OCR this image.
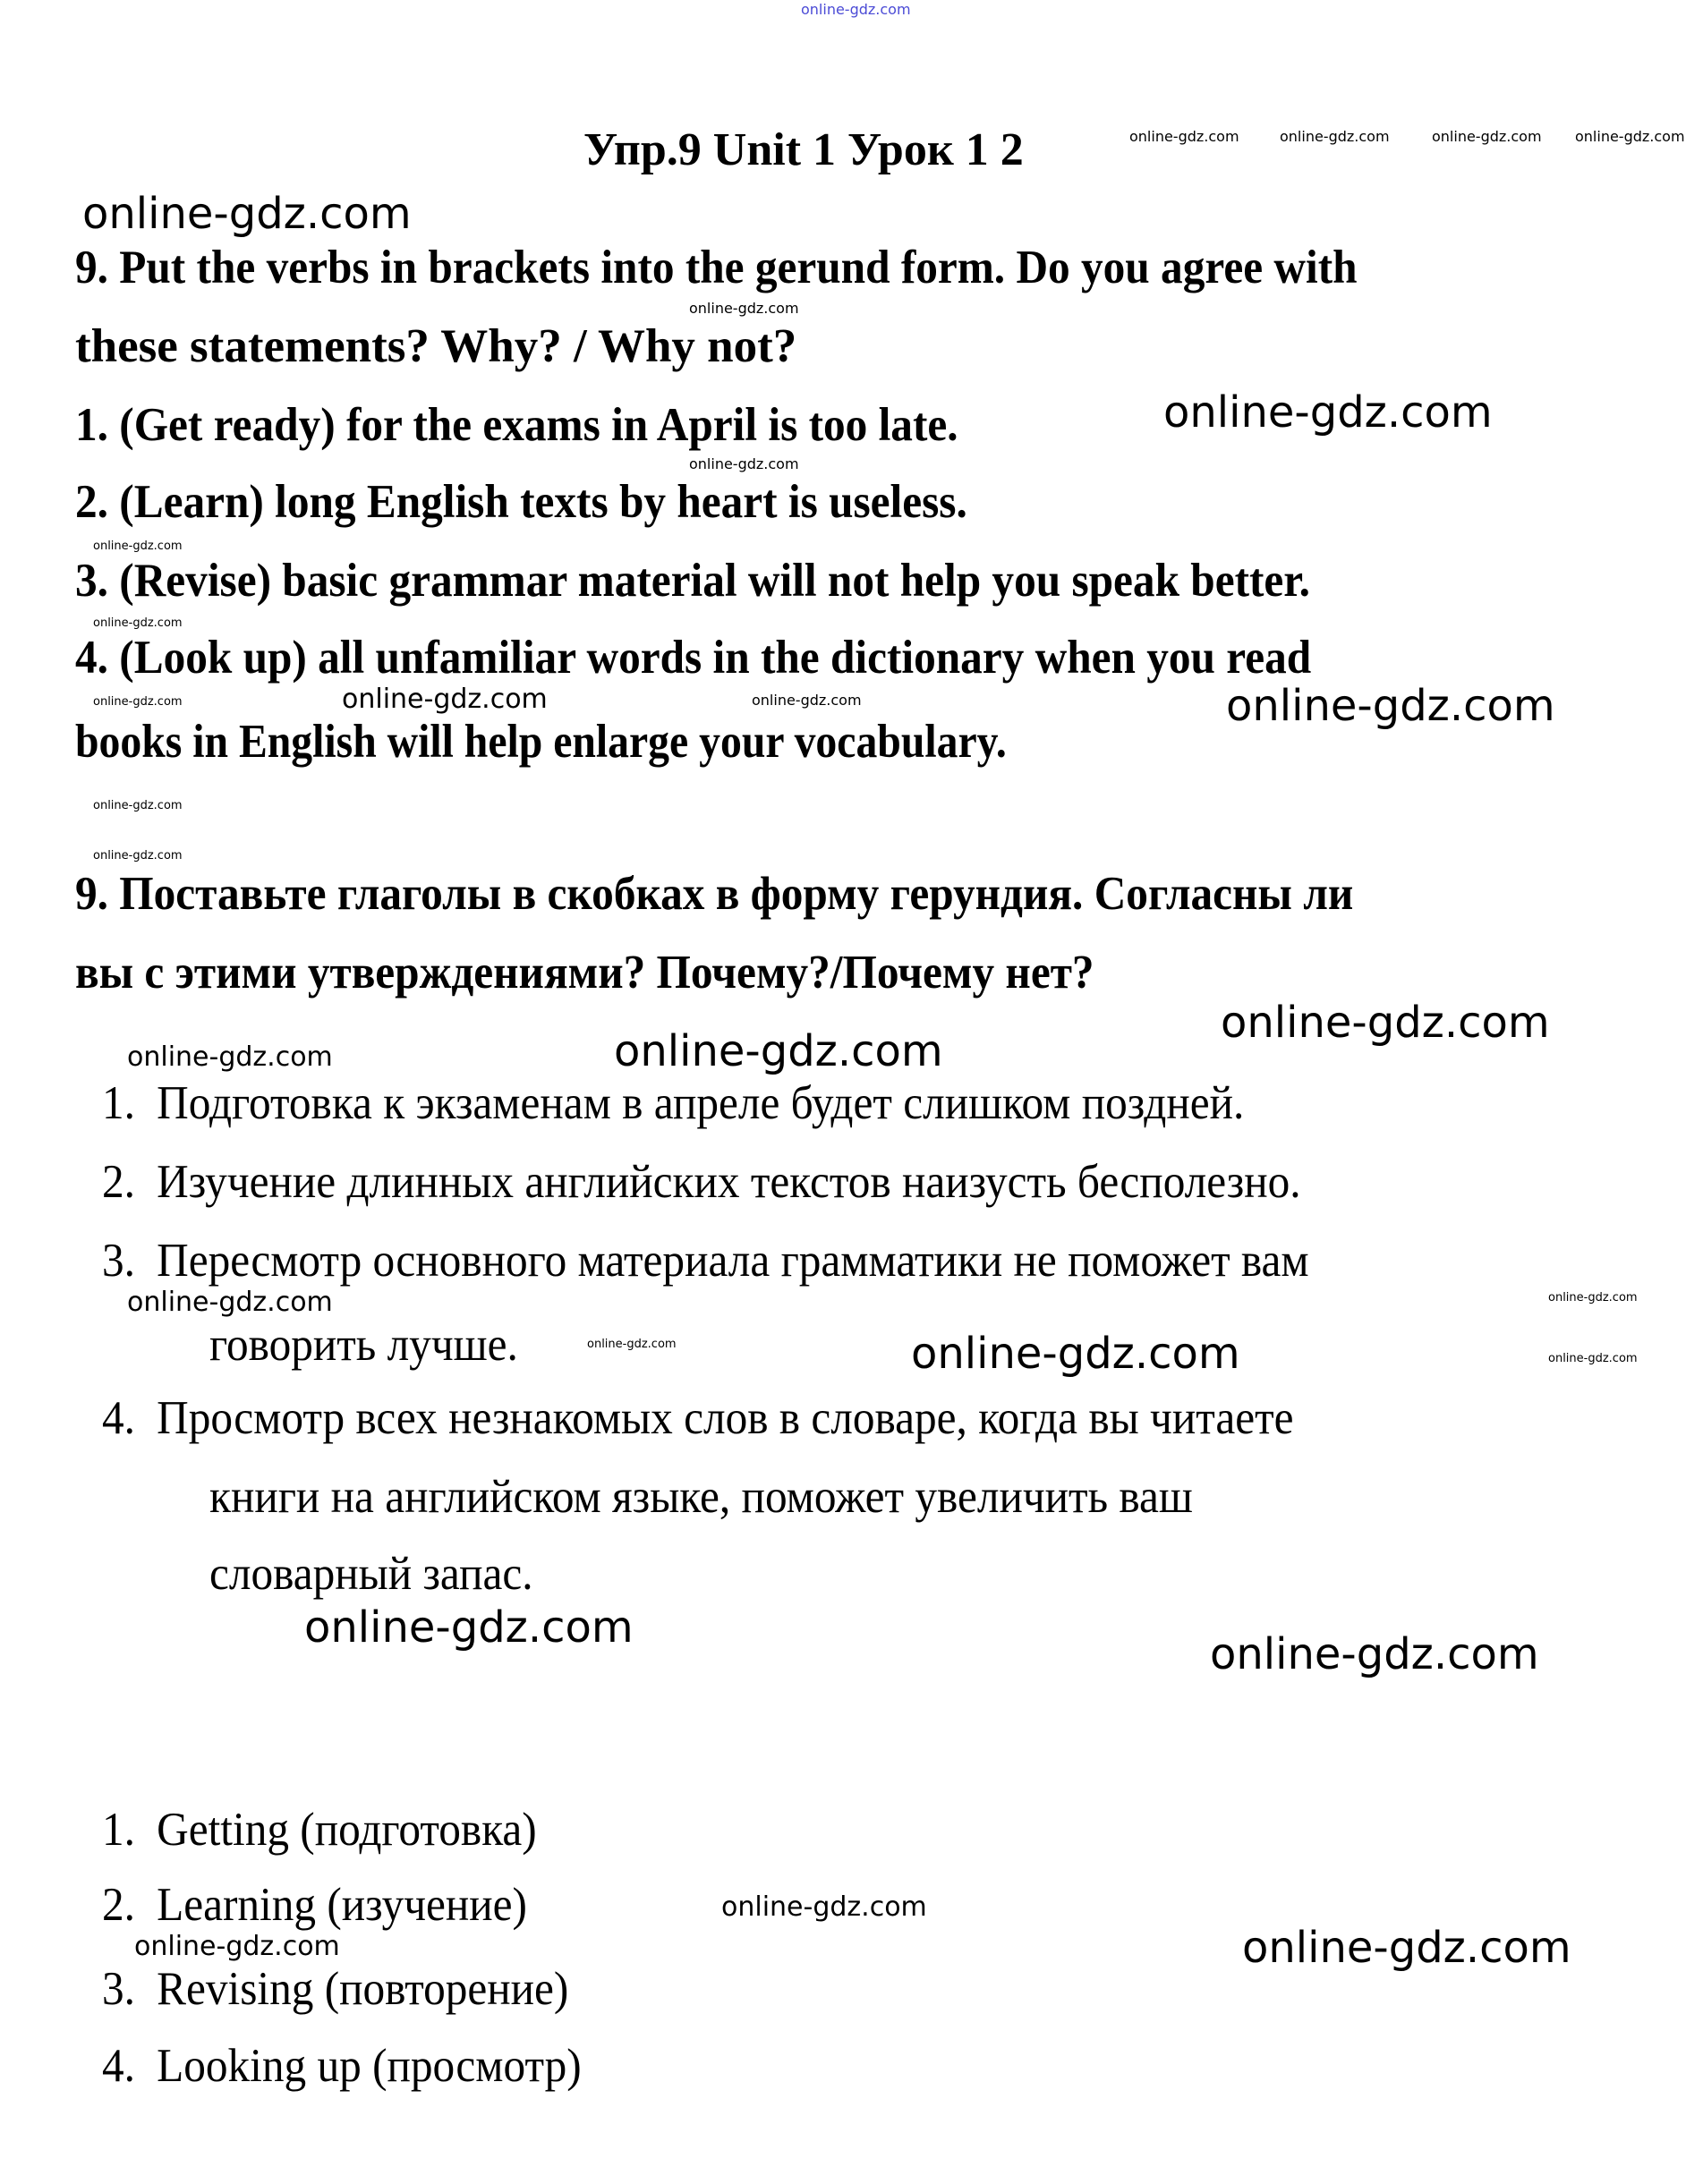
online-gdz.com
Упр.9 Unit 1 Урок 1 2	online-gdz.com	online-gdz.com	online-gdz.com online-gdz.com
online-gdz.com
9. Put the verbs in brackets into the gerund form. Do you agree with
online-gdz.com
these statements? Why? / Why not?
1. (Get ready) for the exams in April is too late.	online-gdz.com
online-gdz.com
2. (Learn) long English texts by heart is useless.
online-gdz.com
3. (Revise) basic grammar material will not help you speak better.
online-gdz.com
4. (Look up) all unfamiliar words in the dictionary when you read
online-gdz.com	online-gdz.com
online-gdz.com	online-gdz.com
books in English will help enlarge your vocabulary.
online-gdz.com
online-gdz.com
9. Поставьте глаголы в скобках в форму герундия. Согласны ли
вы с этими утверждениями? Почему?/Почему нет?
online-gdz.com
online-gdz.com	online-gdz.com
1. Подготовка к экзаменам в апреле будет слишком поздней.
2. Изучение длинных английских текстов наизусть бесполезно.
3. Пересмотр основного материала грамматики не поможет вам
online-gdz.com
online-gdz.com
говорить лучше.	online-gdz.com	online-gdz.com	online-gdz.com
4. Просмотр всех незнакомых слов в словаре, когда вы читаете
книги на английском языке, поможет увеличить ваш
словарный запас.
online-gdz.com
online-gdz.com
1. Getting (подготовка)
2. Learning (изучение)	online-gdz.com
online-gdz.com	online-gdz.com
3. Revising (повторение)
4. Looking up (просмотр)
